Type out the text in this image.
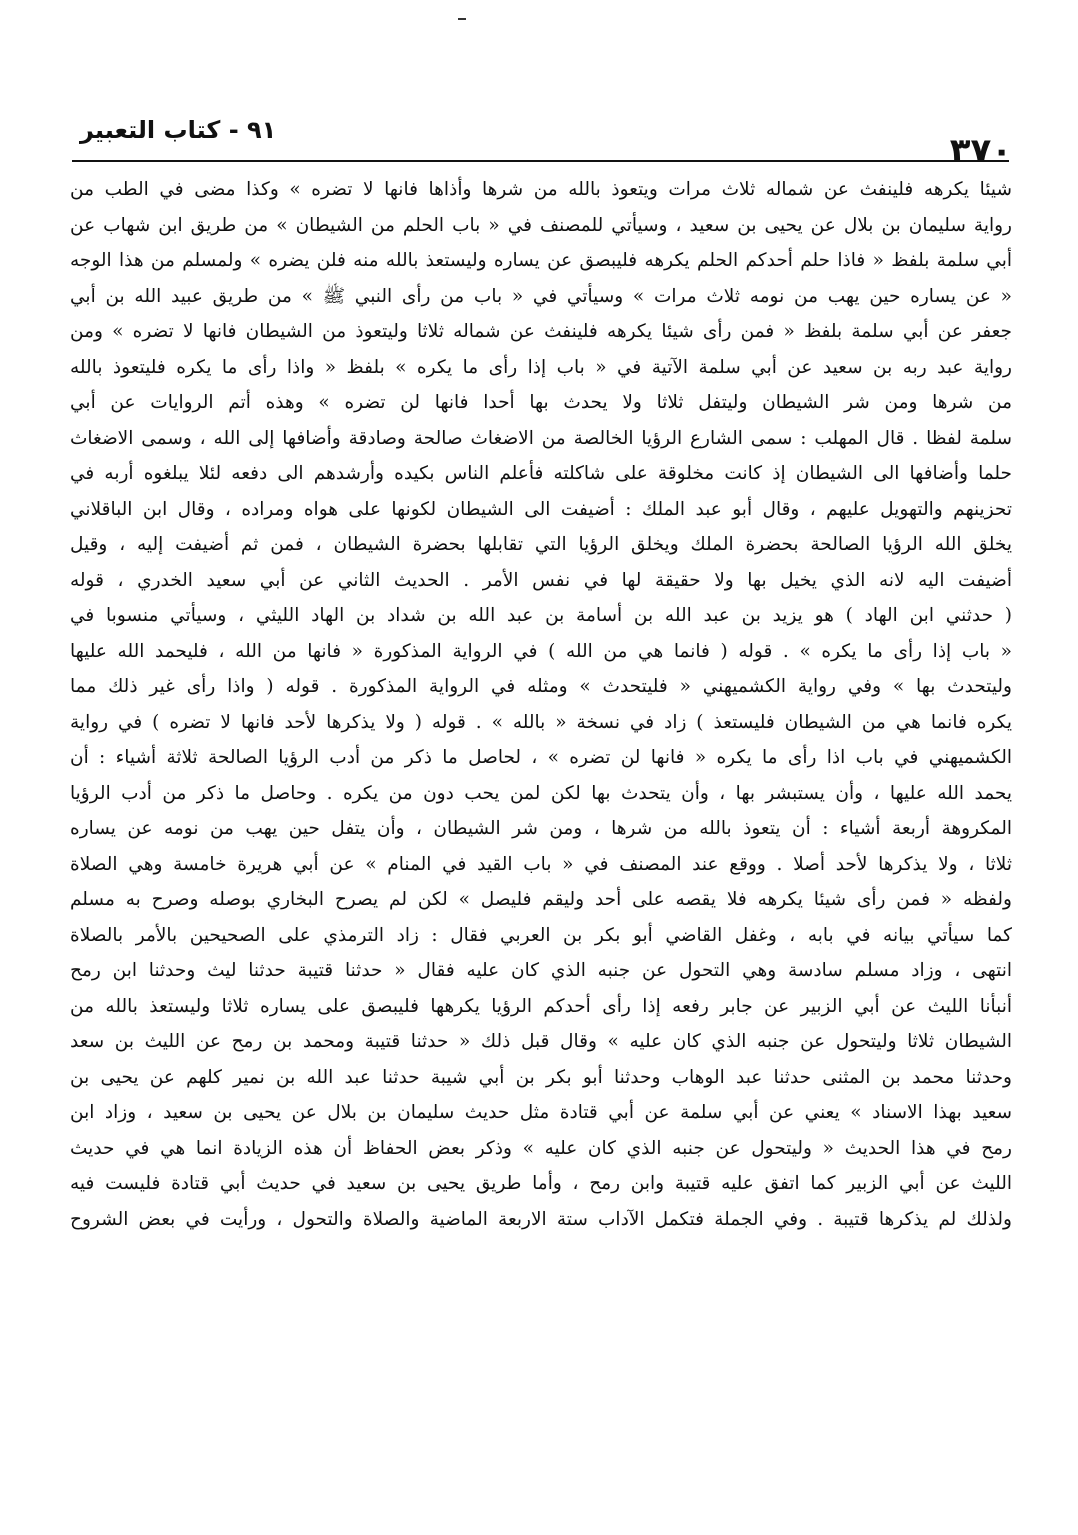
٣٧٠
٩١ - كتاب التعبير
شيئا يكرهه فلينفث عن شماله ثلاث مرات ويتعوذ بالله من شرها وأذاها فانها لا تضره » وكذا مضى في الطب من
رواية سليمان بن بلال عن يحيى بن سعيد ، وسيأتي للمصنف في « باب الحلم من الشيطان » من طريق ابن شهاب عن
أبي سلمة بلفظ « فاذا حلم أحدكم الحلم يكرهه فليبصق عن يساره وليستعذ بالله منه فلن يضره » ولمسلم من هذا الوجه
« عن يساره حين يهب من نومه ثلاث مرات » وسيأتي في « باب من رأى النبي ﷺ » من طريق عبيد الله بن أبي
جعفر عن أبي سلمة بلفظ « فمن رأى شيئا يكرهه فلينفث عن شماله ثلاثا وليتعوذ من الشيطان فانها لا تضره » ومن
رواية عبد ربه بن سعيد عن أبي سلمة الآتية في « باب إذا رأى ما يكره » بلفظ « واذا رأى ما يكره فليتعوذ بالله
من شرها ومن شر الشيطان وليتفل ثلاثا ولا يحدث بها أحدا فانها لن تضره » وهذه أتم الروايات عن أبي
سلمة لفظا . قال المهلب : سمى الشارع الرؤيا الخالصة من الاضغاث صالحة وصادقة وأضافها إلى الله ، وسمى الاضغاث
حلما وأضافها الى الشيطان إذ كانت مخلوقة على شاكلته فأعلم الناس بكيده وأرشدهم الى دفعه لئلا يبلغوه أربه في
تحزينهم والتهويل عليهم ، وقال أبو عبد الملك : أضيفت الى الشيطان لكونها على هواه ومراده ، وقال ابن الباقلاني
يخلق الله الرؤيا الصالحة بحضرة الملك ويخلق الرؤيا التي تقابلها بحضرة الشيطان ، فمن ثم أضيفت إليه ، وقيل
أضيفت اليه لانه الذي يخيل بها ولا حقيقة لها في نفس الأمر . الحديث الثاني عن أبي سعيد الخدري ، قوله
( حدثني ابن الهاد ) هو يزيد بن عبد الله بن أسامة بن عبد الله بن شداد بن الهاد الليثي ، وسيأتي منسوبا في
« باب إذا رأى ما يكره » . قوله ( فانما هي من الله ) في الرواية المذكورة « فانها من الله ، فليحمد الله عليها
وليتحدث بها » وفي رواية الكشميهني « فليتحدث » ومثله في الرواية المذكورة . قوله ( واذا رأى غير ذلك مما
يكره فانما هي من الشيطان فليستعذ ) زاد في نسخة « بالله » . قوله ( ولا يذكرها لأحد فانها لا تضره ) في رواية
الكشميهني في باب اذا رأى ما يكره « فانها لن تضره » ، لحاصل ما ذكر من أدب الرؤيا الصالحة ثلاثة أشياء : أن
يحمد الله عليها ، وأن يستبشر بها ، وأن يتحدث بها لكن لمن يحب دون من يكره . وحاصل ما ذكر من أدب الرؤيا
المكروهة أربعة أشياء : أن يتعوذ بالله من شرها ، ومن شر الشيطان ، وأن يتفل حين يهب من نومه عن يساره
ثلاثا ، ولا يذكرها لأحد أصلا . ووقع عند المصنف في « باب القيد في المنام » عن أبي هريرة خامسة وهي الصلاة
ولفظه « فمن رأى شيئا يكرهه فلا يقصه على أحد وليقم فليصل » لكن لم يصرح البخاري بوصله وصرح به مسلم
كما سيأتي بيانه في بابه ، وغفل القاضي أبو بكر بن العربي فقال : زاد الترمذي على الصحيحين بالأمر بالصلاة
انتهى ، وزاد مسلم سادسة وهي التحول عن جنبه الذي كان عليه فقال « حدثنا قتيبة حدثنا ليث وحدثنا ابن رمح
أنبأنا الليث عن أبي الزبير عن جابر رفعه إذا رأى أحدكم الرؤيا يكرهها فليبصق على يساره ثلاثا وليستعذ بالله من
الشيطان ثلاثا وليتحول عن جنبه الذي كان عليه » وقال قبل ذلك « حدثنا قتيبة ومحمد بن رمح عن الليث بن سعد
وحدثنا محمد بن المثنى حدثنا عبد الوهاب وحدثنا أبو بكر بن أبي شيبة حدثنا عبد الله بن نمير كلهم عن يحيى بن
سعيد بهذا الاسناد » يعني عن أبي سلمة عن أبي قتادة مثل حديث سليمان بن بلال عن يحيى بن سعيد ، وزاد ابن
رمح في هذا الحديث « وليتحول عن جنبه الذي كان عليه » وذكر بعض الحفاظ أن هذه الزيادة انما هي في حديث
الليث عن أبي الزبير كما اتفق عليه قتيبة وابن رمح ، وأما طريق يحيى بن سعيد في حديث أبي قتادة فليست فيه
ولذلك لم يذكرها قتيبة . وفي الجملة فتكمل الآداب ستة الاربعة الماضية والصلاة والتحول ، ورأيت في بعض الشروح
